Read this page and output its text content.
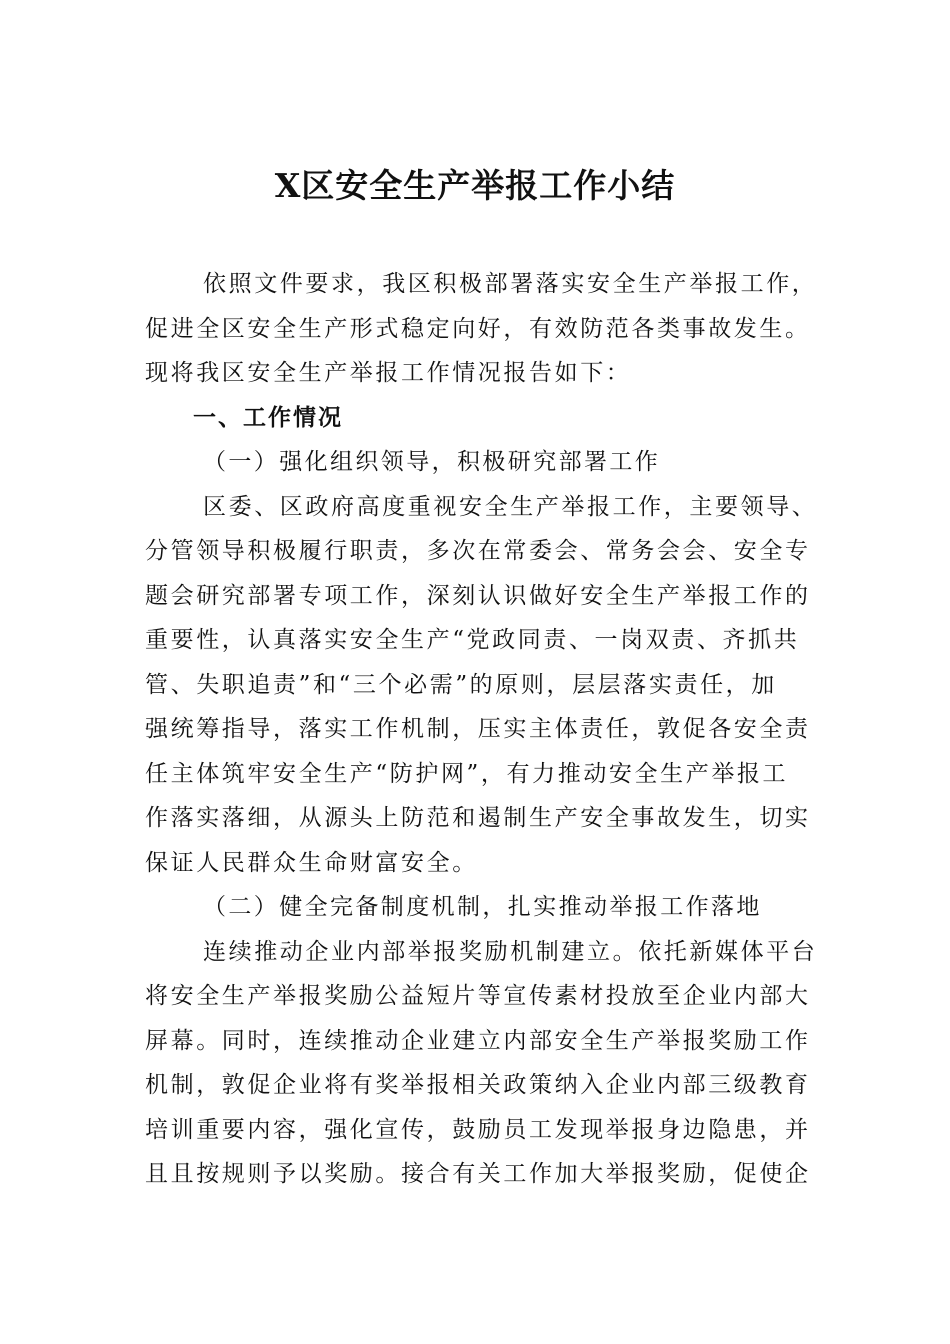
X区安全生产举报工作小结

依照文件要求，我区积极部署落实安全生产举报工作，

促进全区安全生产形式稳定向好，有效防范各类事故发生。

现将我区安全生产举报工作情况报告如下：

一、工作情况

（一）强化组织领导，积极研究部署工作

区委、区政府高度重视安全生产举报工作，主要领导、

分管领导积极履行职责，多次在常委会、常务会会、安全专

题会研究部署专项工作，深刻认识做好安全生产举报工作的

重要性，认真落实安全生产“党政同责、一岗双责、齐抓共

管、失职追责”和“三个必需”的原则，层层落实责任，加

强统筹指导，落实工作机制，压实主体责任，敦促各安全责

任主体筑牢安全生产“防护网”，有力推动安全生产举报工

作落实落细，从源头上防范和遏制生产安全事故发生，切实

保证人民群众生命财富安全。

（二）健全完备制度机制，扎实推动举报工作落地

连续推动企业内部举报奖励机制建立。依托新媒体平台

将安全生产举报奖励公益短片等宣传素材投放至企业内部大

屏幕。同时，连续推动企业建立内部安全生产举报奖励工作

机制，敦促企业将有奖举报相关政策纳入企业内部三级教育

培训重要内容，强化宣传，鼓励员工发现举报身边隐患，并

且且按规则予以奖励。接合有关工作加大举报奖励，促使企
